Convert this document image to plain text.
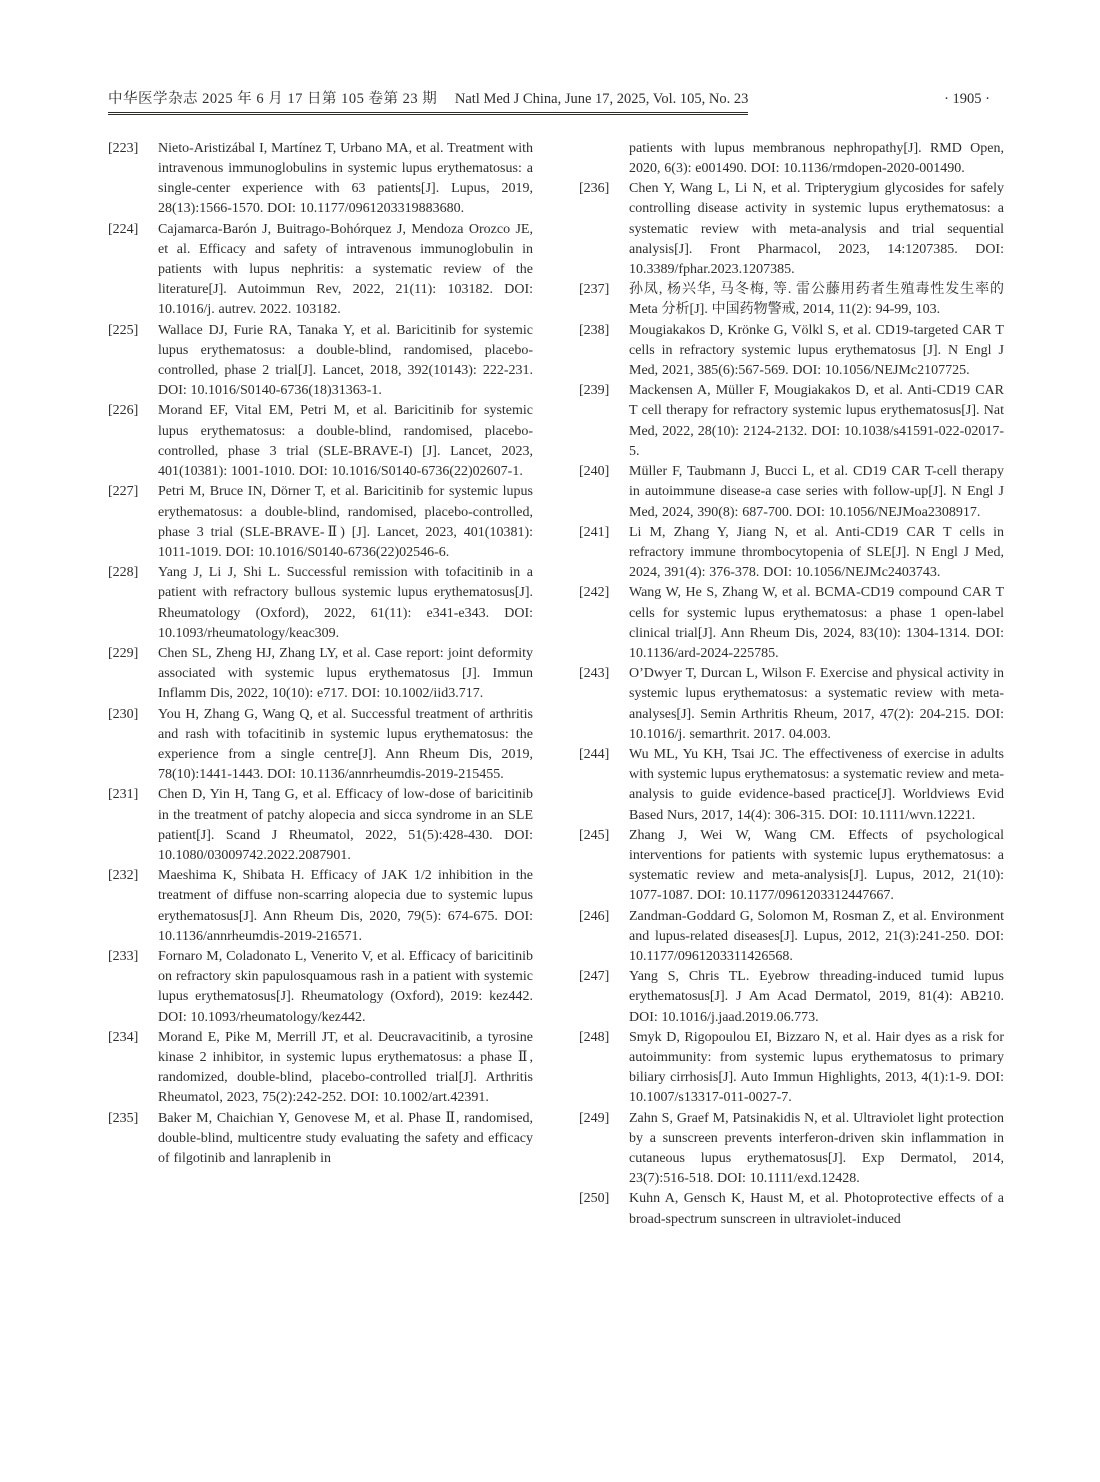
中华医学杂志 2025 年 6 月 17 日第 105 卷第 23 期 Natl Med J China, June 17, 2025, Vol. 105, No. 23	· 1905 ·
[223]	Nieto-Aristizábal I, Martínez T, Urbano MA, et al. Treatment with intravenous immunoglobulins in systemic lupus erythematosus: a single-center experience with 63 patients[J]. Lupus, 2019, 28(13):1566-1570. DOI: 10.1177/0961203319883680.
[224]	Cajamarca-Barón J, Buitrago-Bohórquez J, Mendoza Orozco JE, et al. Efficacy and safety of intravenous immunoglobulin in patients with lupus nephritis: a systematic review of the literature[J]. Autoimmun Rev, 2022, 21(11): 103182. DOI: 10.1016/j. autrev. 2022. 103182.
[225]	Wallace DJ, Furie RA, Tanaka Y, et al. Baricitinib for systemic lupus erythematosus: a double-blind, randomised, placebo-controlled, phase 2 trial[J]. Lancet, 2018, 392(10143): 222-231. DOI: 10.1016/S0140-6736(18)31363-1.
[226]	Morand EF, Vital EM, Petri M, et al. Baricitinib for systemic lupus erythematosus: a double-blind, randomised, placebo-controlled, phase 3 trial (SLE-BRAVE-I) [J]. Lancet, 2023, 401(10381): 1001-1010. DOI: 10.1016/S0140-6736(22)02607-1.
[227]	Petri M, Bruce IN, Dörner T, et al. Baricitinib for systemic lupus erythematosus: a double-blind, randomised, placebo-controlled, phase 3 trial (SLE-BRAVE-Ⅱ) [J]. Lancet, 2023, 401(10381): 1011-1019. DOI: 10.1016/S0140-6736(22)02546-6.
[228]	Yang J, Li J, Shi L. Successful remission with tofacitinib in a patient with refractory bullous systemic lupus erythematosus[J]. Rheumatology (Oxford), 2022, 61(11): e341-e343. DOI: 10.1093/rheumatology/keac309.
[229]	Chen SL, Zheng HJ, Zhang LY, et al. Case report: joint deformity associated with systemic lupus erythematosus [J]. Immun Inflamm Dis, 2022, 10(10): e717. DOI: 10.1002/iid3.717.
[230]	You H, Zhang G, Wang Q, et al. Successful treatment of arthritis and rash with tofacitinib in systemic lupus erythematosus: the experience from a single centre[J]. Ann Rheum Dis, 2019, 78(10):1441-1443. DOI: 10.1136/annrheumdis-2019-215455.
[231]	Chen D, Yin H, Tang G, et al. Efficacy of low-dose of baricitinib in the treatment of patchy alopecia and sicca syndrome in an SLE patient[J]. Scand J Rheumatol, 2022, 51(5):428-430. DOI: 10.1080/03009742.2022.2087901.
[232]	Maeshima K, Shibata H. Efficacy of JAK 1/2 inhibition in the treatment of diffuse non-scarring alopecia due to systemic lupus erythematosus[J]. Ann Rheum Dis, 2020, 79(5): 674-675. DOI: 10.1136/annrheumdis-2019-216571.
[233]	Fornaro M, Coladonato L, Venerito V, et al. Efficacy of baricitinib on refractory skin papulosquamous rash in a patient with systemic lupus erythematosus[J]. Rheumatology (Oxford), 2019: kez442. DOI: 10.1093/rheumatology/kez442.
[234]	Morand E, Pike M, Merrill JT, et al. Deucravacitinib, a tyrosine kinase 2 inhibitor, in systemic lupus erythematosus: a phase Ⅱ, randomized, double-blind, placebo-controlled trial[J]. Arthritis Rheumatol, 2023, 75(2):242-252. DOI: 10.1002/art.42391.
[235]	Baker M, Chaichian Y, Genovese M, et al. Phase Ⅱ, randomised, double-blind, multicentre study evaluating the safety and efficacy of filgotinib and lanraplenib in
patients with lupus membranous nephropathy[J]. RMD Open, 2020, 6(3): e001490. DOI: 10.1136/rmdopen-2020-001490.
[236]	Chen Y, Wang L, Li N, et al. Tripterygium glycosides for safely controlling disease activity in systemic lupus erythematosus: a systematic review with meta-analysis and trial sequential analysis[J]. Front Pharmacol, 2023, 14:1207385. DOI: 10.3389/fphar.2023.1207385.
[237]	孙凤, 杨兴华, 马冬梅, 等. 雷公藤用药者生殖毒性发生率的 Meta 分析[J]. 中国药物警戒, 2014, 11(2): 94-99, 103.
[238]	Mougiakakos D, Krönke G, Völkl S, et al. CD19-targeted CAR T cells in refractory systemic lupus erythematosus [J]. N Engl J Med, 2021, 385(6):567-569. DOI: 10.1056/NEJMc2107725.
[239]	Mackensen A, Müller F, Mougiakakos D, et al. Anti-CD19 CAR T cell therapy for refractory systemic lupus erythematosus[J]. Nat Med, 2022, 28(10): 2124-2132. DOI: 10.1038/s41591-022-02017-5.
[240]	Müller F, Taubmann J, Bucci L, et al. CD19 CAR T-cell therapy in autoimmune disease-a case series with follow-up[J]. N Engl J Med, 2024, 390(8): 687-700. DOI: 10.1056/NEJMoa2308917.
[241]	Li M, Zhang Y, Jiang N, et al. Anti-CD19 CAR T cells in refractory immune thrombocytopenia of SLE[J]. N Engl J Med, 2024, 391(4): 376-378. DOI: 10.1056/NEJMc2403743.
[242]	Wang W, He S, Zhang W, et al. BCMA-CD19 compound CAR T cells for systemic lupus erythematosus: a phase 1 open-label clinical trial[J]. Ann Rheum Dis, 2024, 83(10): 1304-1314. DOI: 10.1136/ard-2024-225785.
[243]	O’Dwyer T, Durcan L, Wilson F. Exercise and physical activity in systemic lupus erythematosus: a systematic review with meta-analyses[J]. Semin Arthritis Rheum, 2017, 47(2): 204-215. DOI: 10.1016/j. semarthrit. 2017. 04.003.
[244]	Wu ML, Yu KH, Tsai JC. The effectiveness of exercise in adults with systemic lupus erythematosus: a systematic review and meta-analysis to guide evidence-based practice[J]. Worldviews Evid Based Nurs, 2017, 14(4): 306-315. DOI: 10.1111/wvn.12221.
[245]	Zhang J, Wei W, Wang CM. Effects of psychological interventions for patients with systemic lupus erythematosus: a systematic review and meta-analysis[J]. Lupus, 2012, 21(10): 1077-1087. DOI: 10.1177/0961203312447667.
[246]	Zandman-Goddard G, Solomon M, Rosman Z, et al. Environment and lupus-related diseases[J]. Lupus, 2012, 21(3):241-250. DOI: 10.1177/0961203311426568.
[247]	Yang S, Chris TL. Eyebrow threading-induced tumid lupus erythematosus[J]. J Am Acad Dermatol, 2019, 81(4): AB210. DOI: 10.1016/j.jaad.2019.06.773.
[248]	Smyk D, Rigopoulou EI, Bizzaro N, et al. Hair dyes as a risk for autoimmunity: from systemic lupus erythematosus to primary biliary cirrhosis[J]. Auto Immun Highlights, 2013, 4(1):1-9. DOI: 10.1007/s13317-011-0027-7.
[249]	Zahn S, Graef M, Patsinakidis N, et al. Ultraviolet light protection by a sunscreen prevents interferon-driven skin inflammation in cutaneous lupus erythematosus[J]. Exp Dermatol, 2014, 23(7):516-518. DOI: 10.1111/exd.12428.
[250]	Kuhn A, Gensch K, Haust M, et al. Photoprotective effects of a broad-spectrum sunscreen in ultraviolet-induced
